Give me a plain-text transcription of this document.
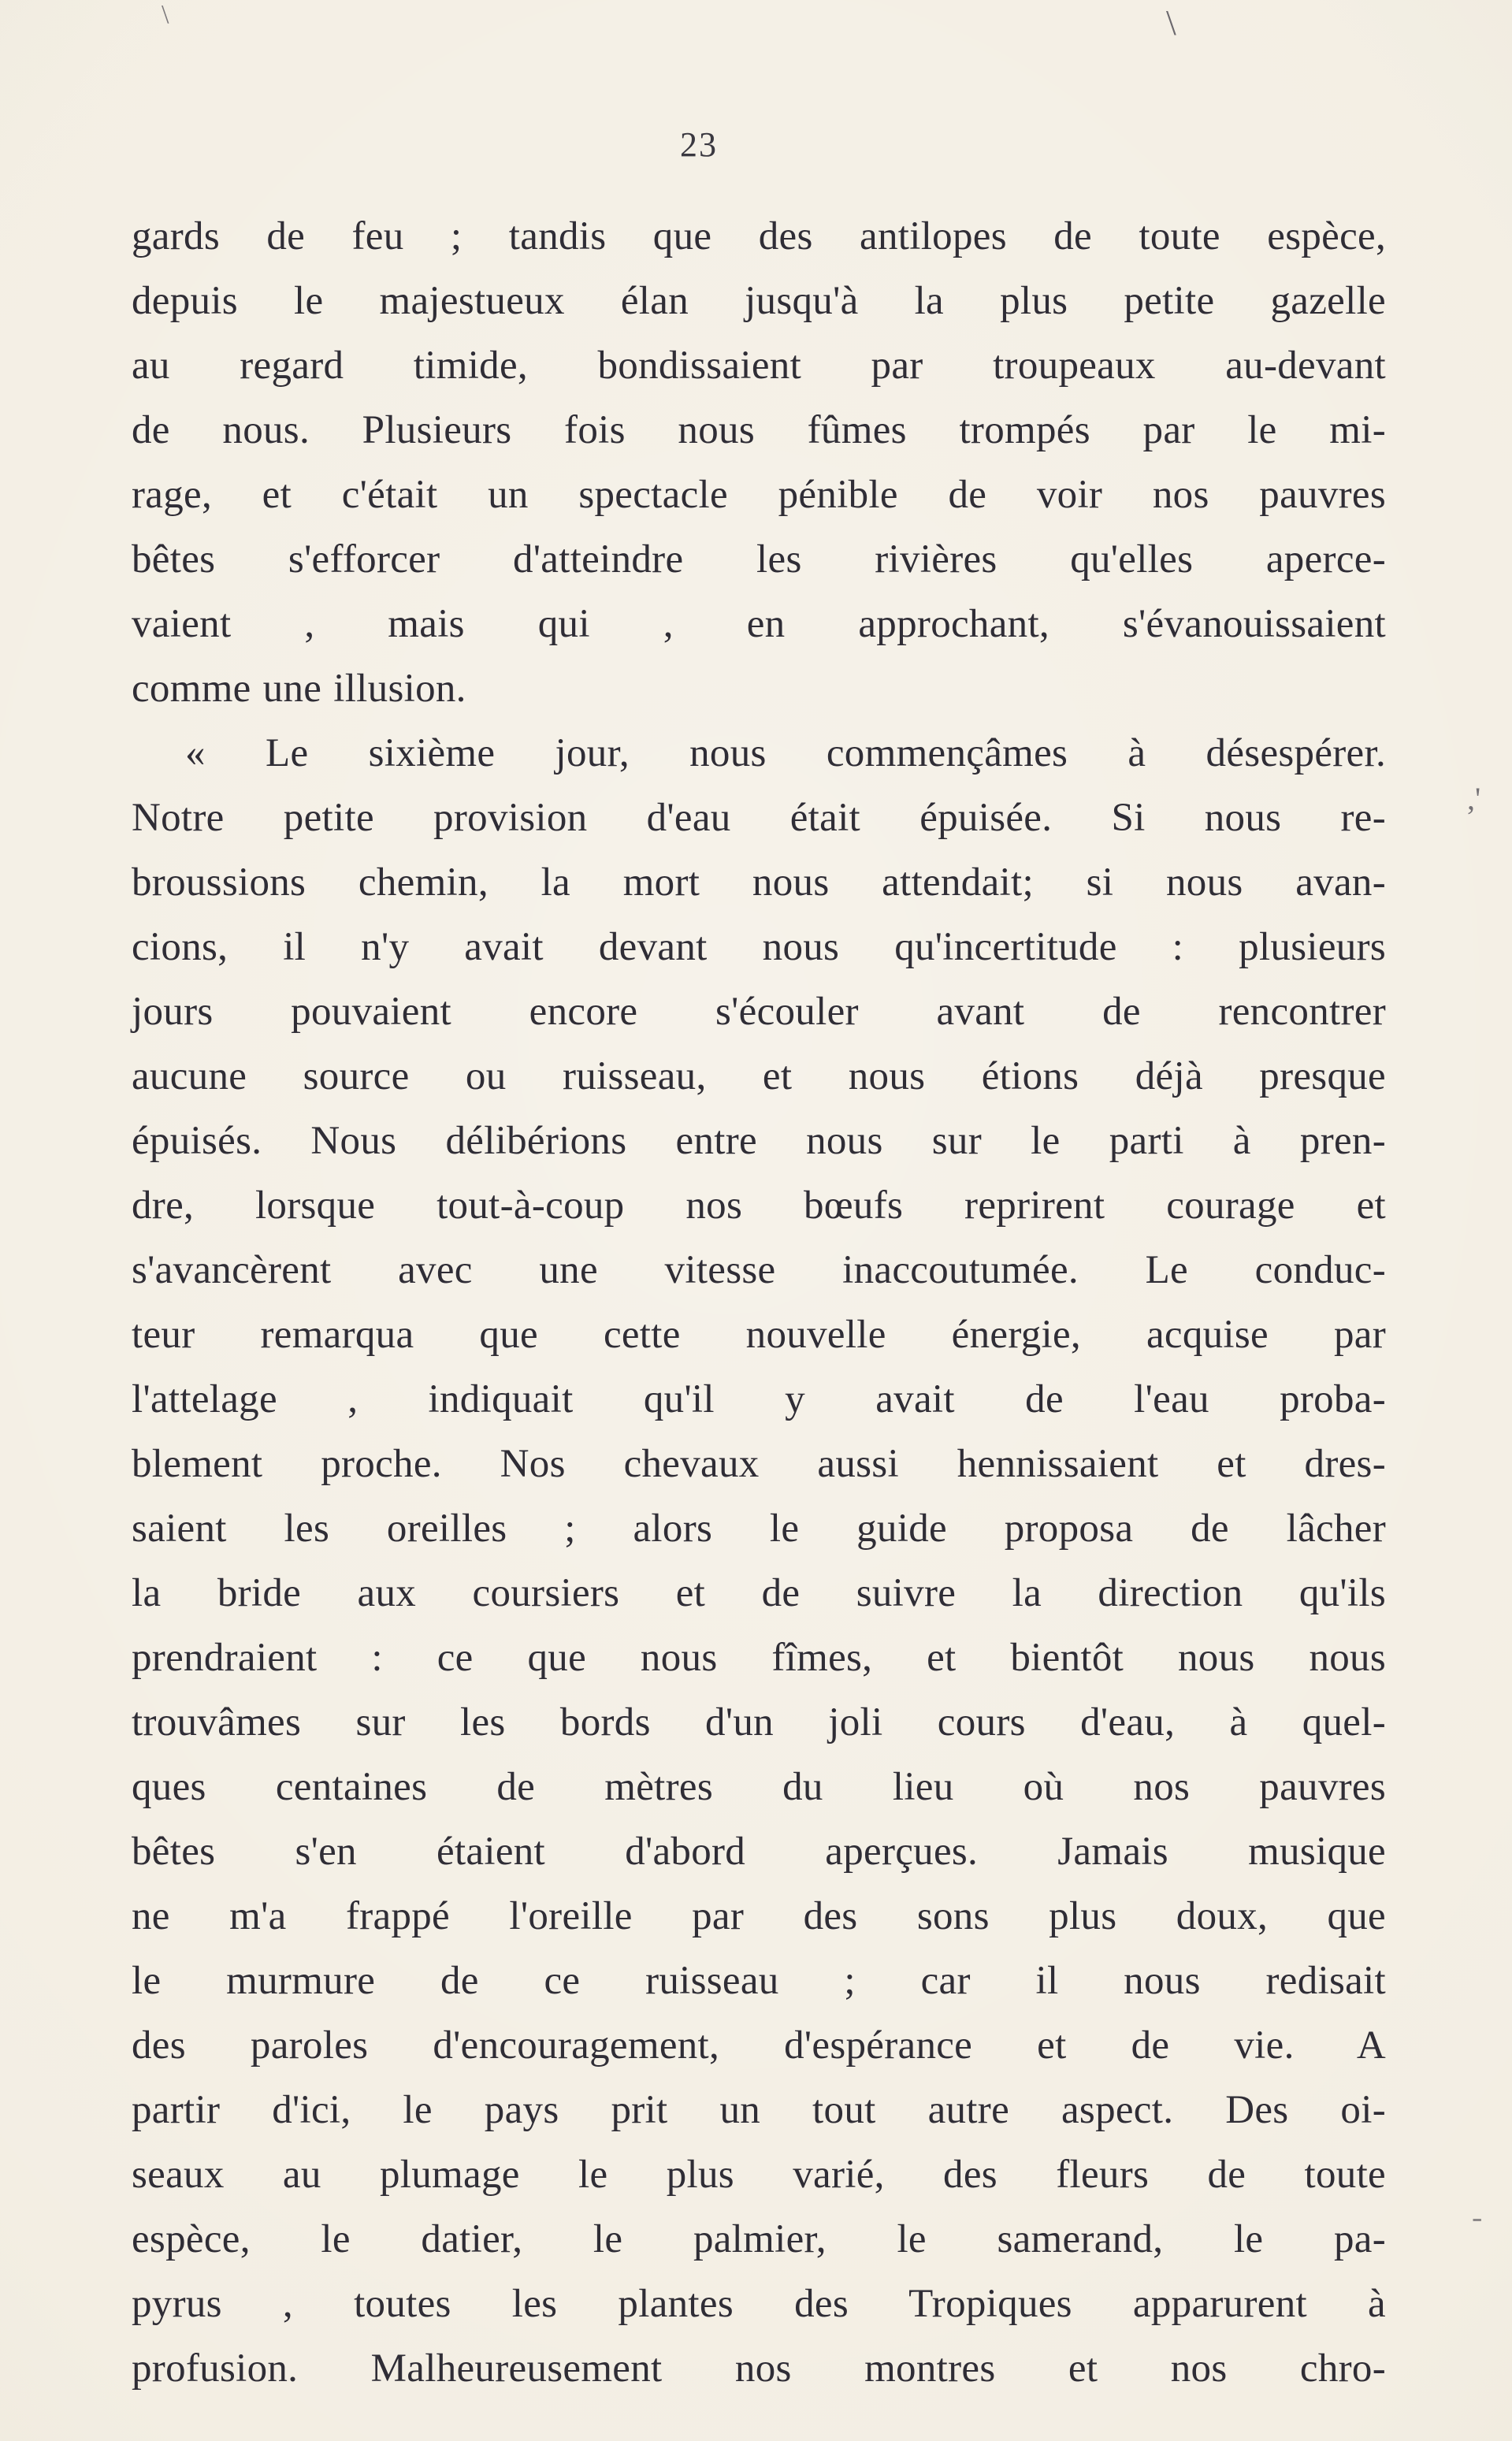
\
\
,'
-
23
gards de feu ; tandis que des antilopes de toute espèce,
depuis le majestueux élan jusqu'à la plus petite gazelle
au regard timide, bondissaient par troupeaux au-devant
de nous. Plusieurs fois nous fûmes trompés par le mi-
rage, et c'était un spectacle pénible de voir nos pauvres
bêtes s'efforcer d'atteindre les rivières qu'elles aperce-
vaient , mais qui , en approchant, s'évanouissaient
comme une illusion.
« Le sixième jour, nous commençâmes à désespérer.
Notre petite provision d'eau était épuisée. Si nous re-
broussions chemin, la mort nous attendait; si nous avan-
cions, il n'y avait devant nous qu'incertitude : plusieurs
jours pouvaient encore s'écouler avant de rencontrer
aucune source ou ruisseau, et nous étions déjà presque
épuisés. Nous délibérions entre nous sur le parti à pren-
dre, lorsque tout-à-coup nos bœufs reprirent courage et
s'avancèrent avec une vitesse inaccoutumée. Le conduc-
teur remarqua que cette nouvelle énergie, acquise par
l'attelage , indiquait qu'il y avait de l'eau proba-
blement proche. Nos chevaux aussi hennissaient et dres-
saient les oreilles ; alors le guide proposa de lâcher
la bride aux coursiers et de suivre la direction qu'ils
prendraient : ce que nous fîmes, et bientôt nous nous
trouvâmes sur les bords d'un joli cours d'eau, à quel-
ques centaines de mètres du lieu où nos pauvres
bêtes s'en étaient d'abord aperçues. Jamais musique
ne m'a frappé l'oreille par des sons plus doux, que
le murmure de ce ruisseau ; car il nous redisait
des paroles d'encouragement, d'espérance et de vie. A
partir d'ici, le pays prit un tout autre aspect. Des oi-
seaux au plumage le plus varié, des fleurs de toute
espèce, le datier, le palmier, le samerand, le pa-
pyrus , toutes les plantes des Tropiques apparurent à
profusion. Malheureusement nos montres et nos chro-
